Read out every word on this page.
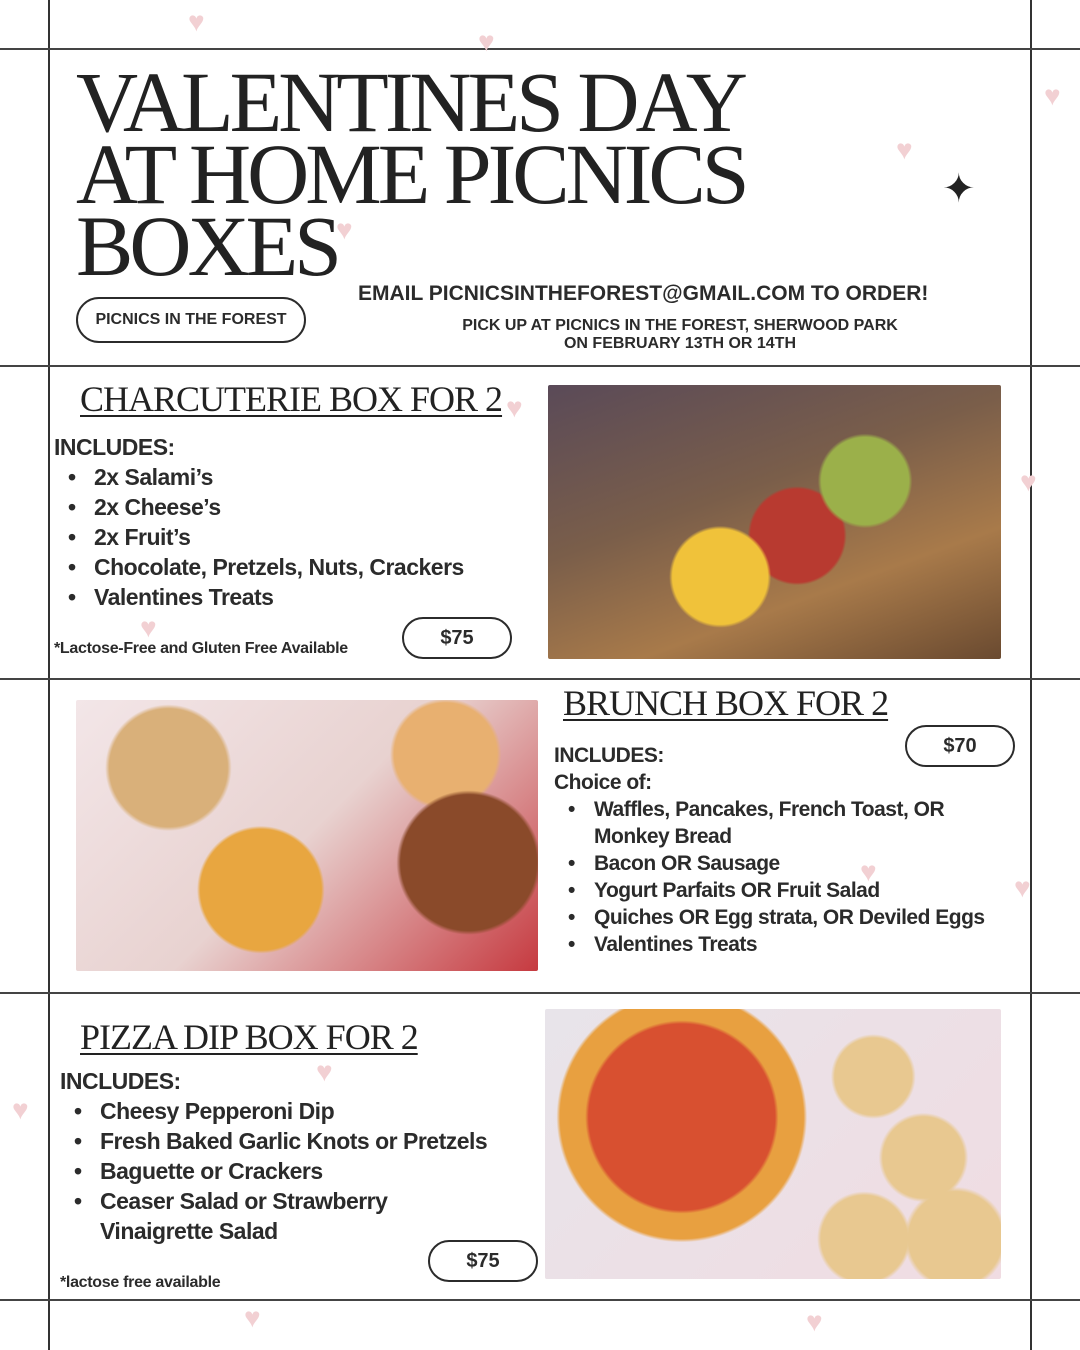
♥
♥
♥
♥
♥
♥
♥
♥
♥
♥
♥
♥
♥	♥
VALENTINES DAY
AT HOME PICNICS
BOXES
✦
PICNICS IN THE FOREST
EMAIL PICNICSINTHEFOREST@GMAIL.COM TO ORDER!
PICK UP AT PICNICS IN THE FOREST, SHERWOOD PARK
ON FEBRUARY 13TH OR 14TH
CHARCUTERIE BOX FOR 2
INCLUDES:
• 2x Salami’s
• 2x Cheese’s
• 2x Fruit’s
• Chocolate, Pretzels, Nuts, Crackers
• Valentines Treats
*Lactose-Free and Gluten Free Available	$75
BRUNCH BOX FOR 2
$70
INCLUDES:
Choice of:
• Waffles, Pancakes, French Toast, OR Monkey Bread
• Bacon OR Sausage
• Yogurt Parfaits OR Fruit Salad
• Quiches OR Egg strata, OR Deviled Eggs
• Valentines Treats
PIZZA DIP BOX FOR 2
INCLUDES:
• Cheesy Pepperoni Dip
• Fresh Baked Garlic Knots or Pretzels
• Baguette or Crackers
• Ceaser Salad or Strawberry Vinaigrette Salad
$75
*lactose free available
